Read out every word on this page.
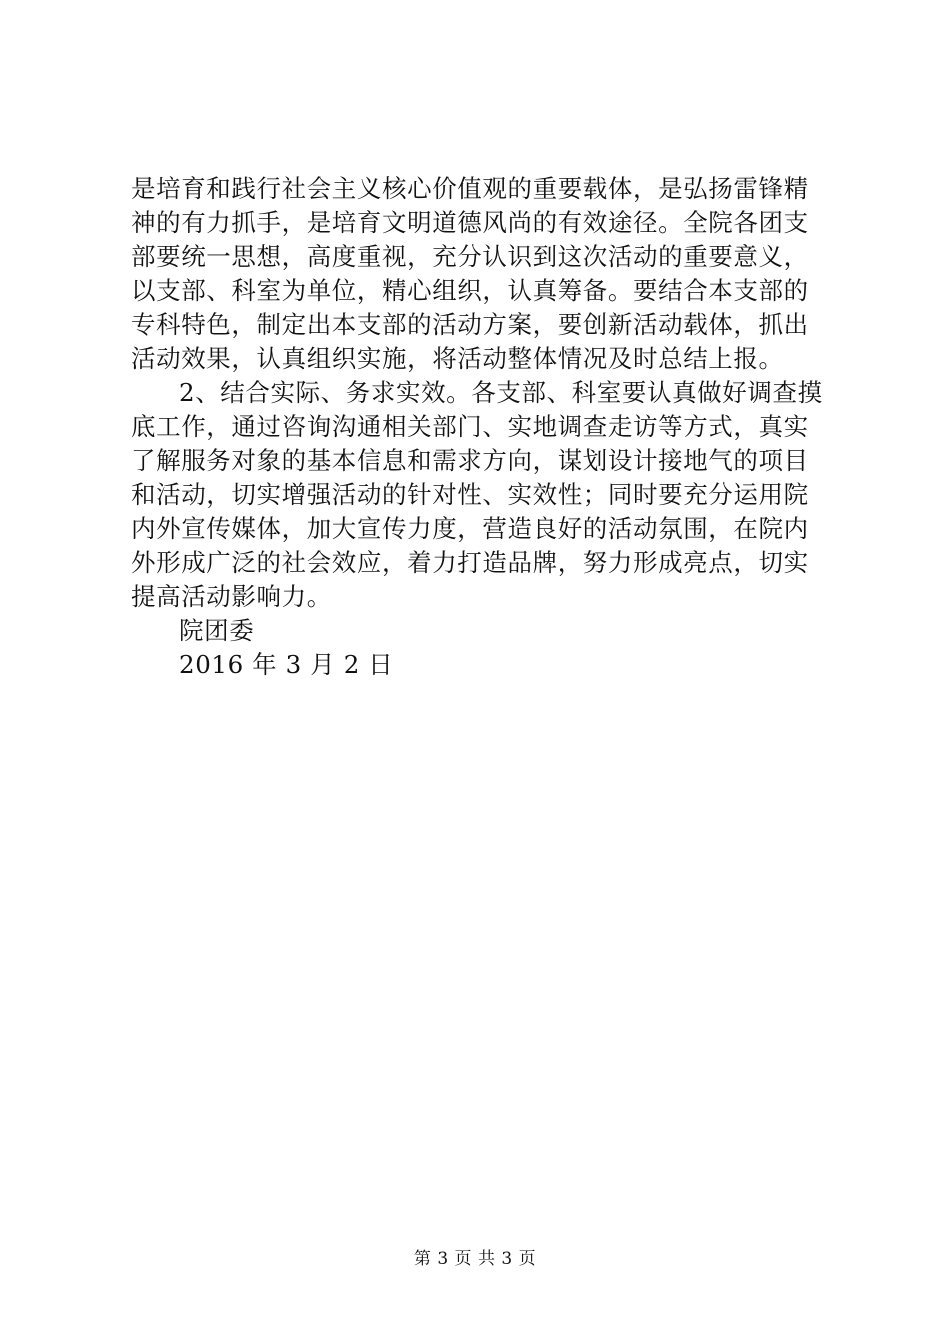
是培育和践行社会主义核心价值观的重要载体，是弘扬雷锋精
神的有力抓手，是培育文明道德风尚的有效途径。全院各团支
部要统一思想，高度重视，充分认识到这次活动的重要意义，
以支部、科室为单位，精心组织，认真筹备。要结合本支部的
专科特色，制定出本支部的活动方案，要创新活动载体，抓出
活动效果，认真组织实施，将活动整体情况及时总结上报。
2、结合实际、务求实效。各支部、科室要认真做好调查摸
底工作，通过咨询沟通相关部门、实地调查走访等方式，真实
了解服务对象的基本信息和需求方向，谋划设计接地气的项目
和活动，切实增强活动的针对性、实效性；同时要充分运用院
内外宣传媒体，加大宣传力度，营造良好的活动氛围，在院内
外形成广泛的社会效应，着力打造品牌，努力形成亮点，切实
提高活动影响力。
院团委
2016 年 3 月 2 日
第 3 页 共 3 页
